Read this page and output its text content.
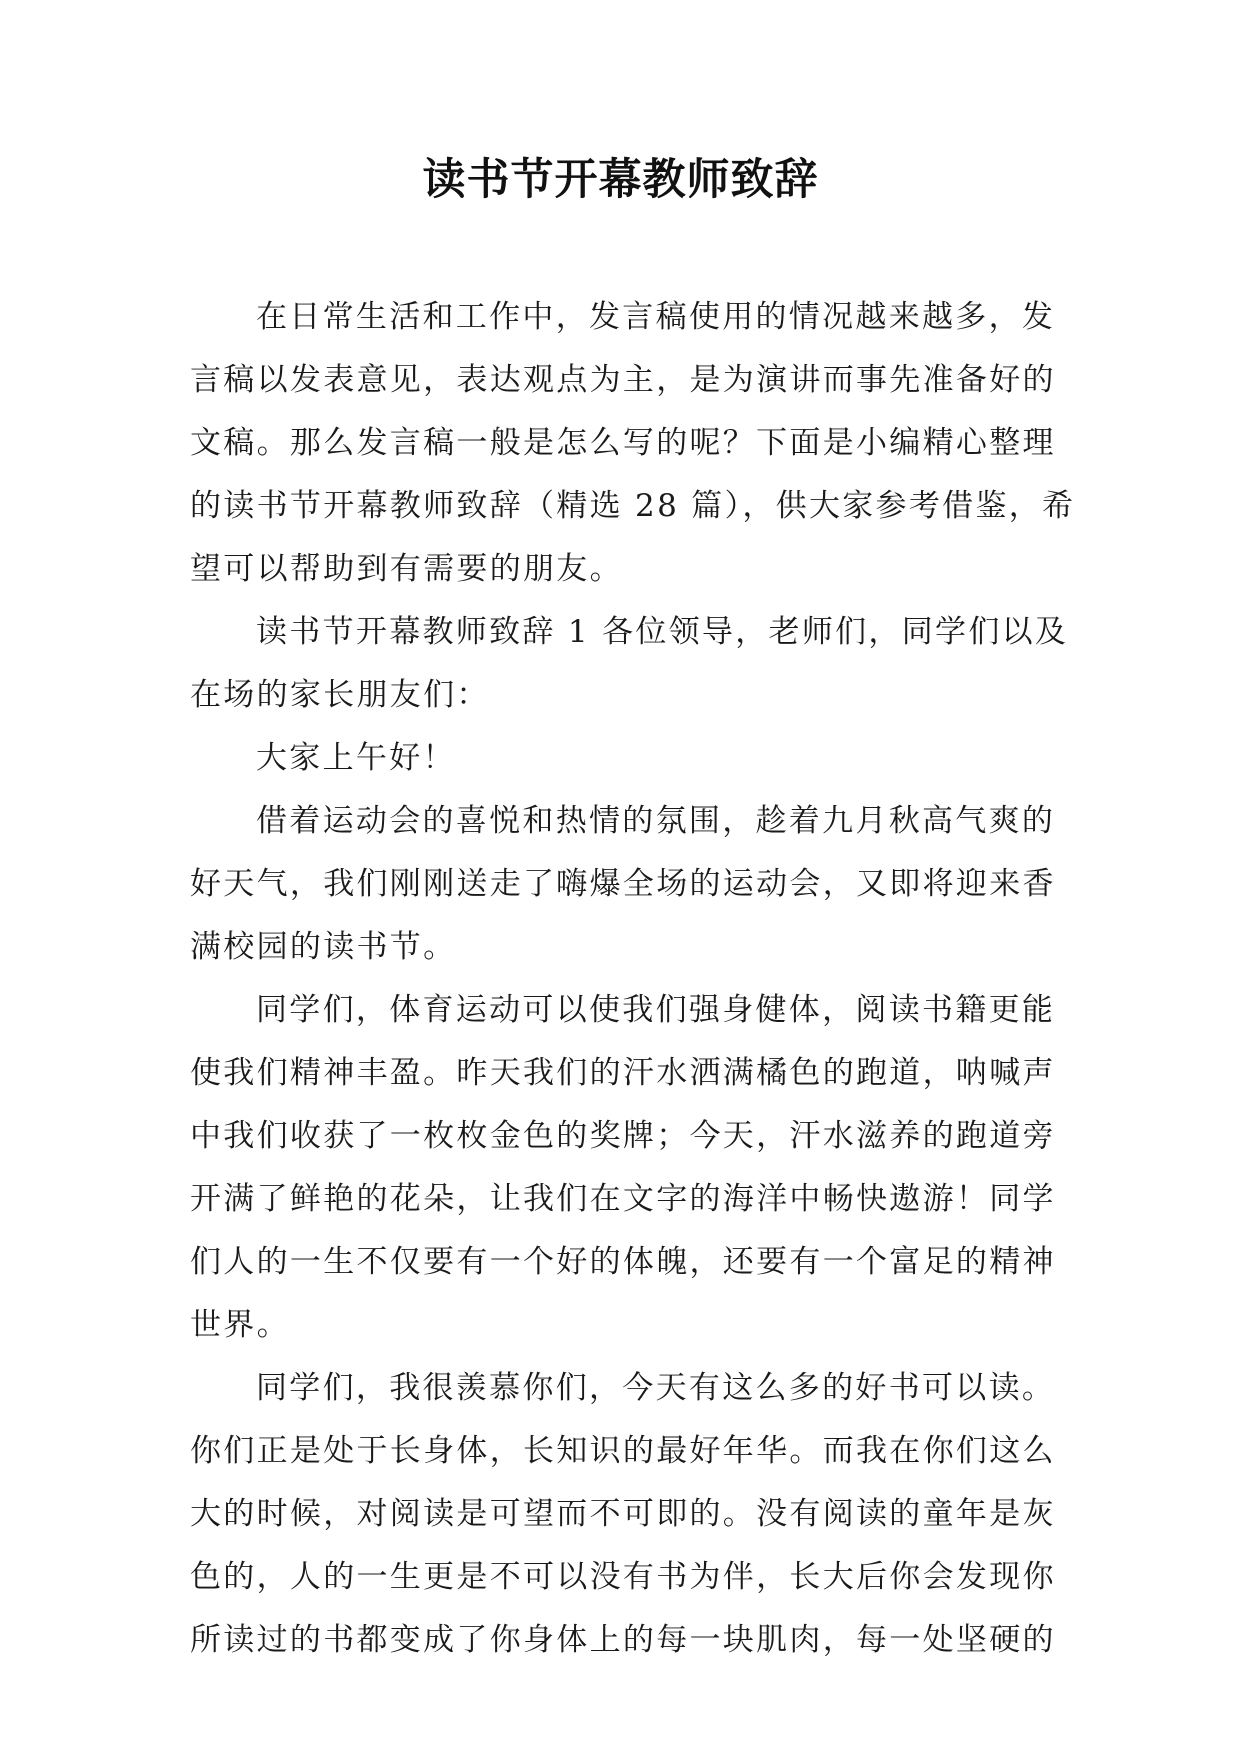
读书节开幕教师致辞
在日常生活和工作中，发言稿使用的情况越来越多，发
言稿以发表意见，表达观点为主，是为演讲而事先准备好的
文稿。那么发言稿一般是怎么写的呢？下面是小编精心整理
的读书节开幕教师致辞（精选 28 篇），供大家参考借鉴，希
望可以帮助到有需要的朋友。
读书节开幕教师致辞 1 各位领导，老师们，同学们以及
在场的家长朋友们：
大家上午好！
借着运动会的喜悦和热情的氛围，趁着九月秋高气爽的
好天气，我们刚刚送走了嗨爆全场的运动会，又即将迎来香
满校园的读书节。
同学们，体育运动可以使我们强身健体，阅读书籍更能
使我们精神丰盈。昨天我们的汗水洒满橘色的跑道，呐喊声
中我们收获了一枚枚金色的奖牌；今天，汗水滋养的跑道旁
开满了鲜艳的花朵，让我们在文字的海洋中畅快遨游！同学
们人的一生不仅要有一个好的体魄，还要有一个富足的精神
世界。
同学们，我很羡慕你们，今天有这么多的好书可以读。
你们正是处于长身体，长知识的最好年华。而我在你们这么
大的时候，对阅读是可望而不可即的。没有阅读的童年是灰
色的，人的一生更是不可以没有书为伴，长大后你会发现你
所读过的书都变成了你身体上的每一块肌肉，每一处坚硬的
